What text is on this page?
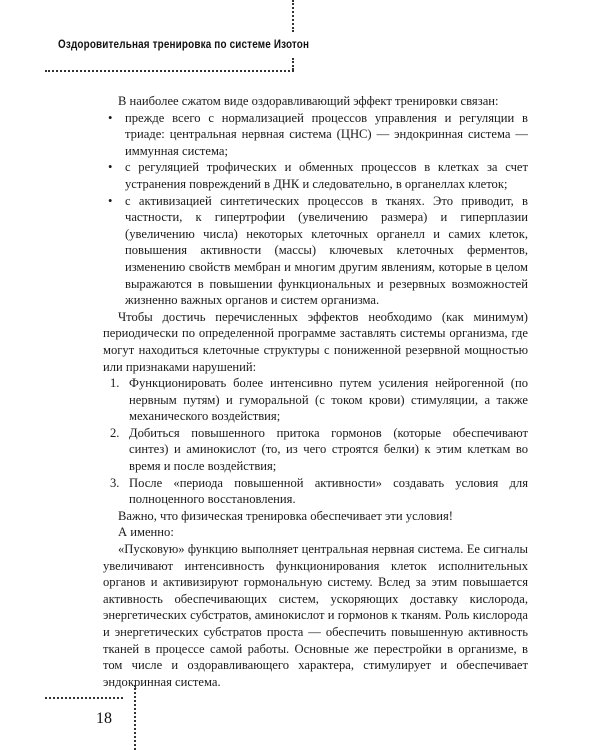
Оздоровительная тренировка по системе Изотон

В наиболее сжатом виде оздоравливающий эффект тренировки связан:

• прежде всего с нормализацией процессов управления и регуляции в триаде: центральная нервная система (ЦНС) — эндокринная система — иммунная система;
• с регуляцией трофических и обменных процессов в клетках за счет устранения повреждений в ДНК и следовательно, в органеллах клеток;
• с активизацией синтетических процессов в тканях. Это приводит, в частности, к гипертрофии (увеличению размера) и гиперплазии (увеличению числа) некоторых клеточных органелл и самих клеток, повышения активности (массы) ключевых клеточных ферментов, изменению свойств мембран и многим другим явлениям, которые в целом выражаются в повышении функциональных и резервных возможностей жизненно важных органов и систем организма.

Чтобы достичь перечисленных эффектов необходимо (как минимум) периодически по определенной программе заставлять системы организма, где могут находиться клеточные структуры с пониженной резервной мощностью или признаками нарушений:

1. Функционировать более интенсивно путем усиления нейрогенной (по нервным путям) и гуморальной (с током крови) стимуляции, а также механического воздействия;
2. Добиться повышенного притока гормонов (которые обеспечивают синтез) и аминокислот (то, из чего строятся белки) к этим клеткам во время и после воздействия;
3. После «периода повышенной активности» создавать условия для полноценного восстановления.

Важно, что физическая тренировка обеспечивает эти условия!

А именно:

«Пусковую» функцию выполняет центральная нервная система. Ее сигналы увеличивают интенсивность функционирования клеток исполнительных органов и активизируют гормональную систему. Вслед за этим повышается активность обеспечивающих систем, ускоряющих доставку кислорода, энергетических субстратов, аминокислот и гормонов к тканям. Роль кислорода и энергетических субстратов проста — обеспечить повышенную активность тканей в процессе самой работы. Основные же перестройки в организме, в том числе и оздоравливающего характера, стимулирует и обеспечивает эндокринная система.

18
